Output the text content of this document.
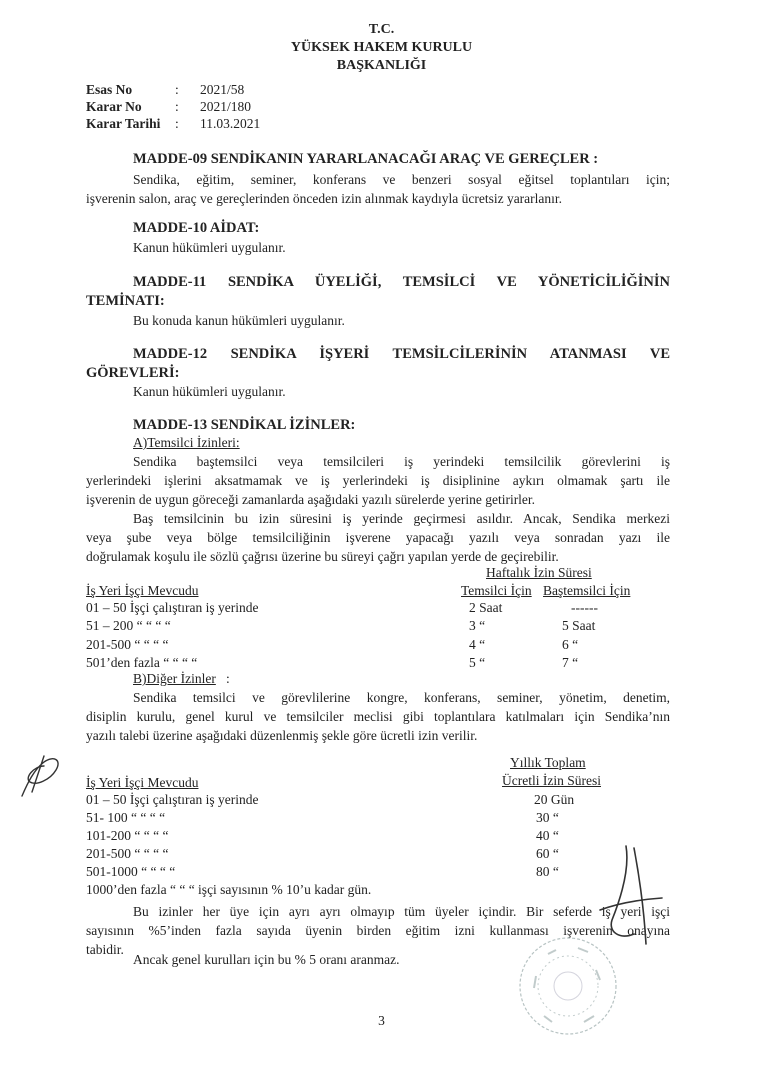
T.C.
YÜKSEK HAKEM KURULU
BAŞKANLIĞI
Esas No	: 2021/58
Karar No : 2021/180
Karar Tarihi : 11.03.2021
MADDE-09 SENDİKANIN YARARLANACAĞI ARAÇ VE GEREÇLER :
Sendika, eğitim, seminer, konferans ve benzeri sosyal eğitsel toplantıları için;
işverenin salon, araç ve gereçlerinden önceden izin alınmak kaydıyla ücretsiz yararlanır.
MADDE-10 AİDAT:
Kanun hükümleri uygulanır.
MADDE-11 SENDİKA ÜYELİĞİ, TEMSİLCİ VE YÖNETİCİLİĞİNİN
TEMİNATI:
Bu konuda kanun hükümleri uygulanır.
MADDE-12 SENDİKA İŞYERİ TEMSİLCİLERİNİN ATANMASI VE
GÖREVLERİ:
Kanun hükümleri uygulanır.
MADDE-13 SENDİKAL İZİNLER:
A)Temsilci İzinleri:
Sendika baştemsilci veya temsilcileri iş yerindeki temsilcilik görevlerini iş
yerlerindeki işlerini aksatmamak ve iş yerlerindeki iş disiplinine aykırı olmamak şartı ile
işverenin de uygun göreceği zamanlarda aşağıdaki yazılı sürelerde yerine getirirler.
Baş temsilcinin bu izin süresini iş yerinde geçirmesi asıldır. Ancak, Sendika merkezi
veya şube veya bölge temsilciliğinin işverene yapacağı yazılı veya sonradan yazı ile
doğrulamak koşulu ile sözlü çağrısı üzerine bu süreyi çağrı yapılan yerde de geçirebilir.
Haftalık İzin Süresi
İş Yeri İşçi Mevcudu	Temsilci İçin Baştemsilci İçin
01 – 50 İşçi çalıştıran iş yerinde	2 Saat	------
51 – 200 “ “ “ “	3 “	5 Saat
201-500 “ “ “ “	4 “	6 “
501’den fazla “ “ “ “	5 “	7 “
B)Diğer İzinler   :
Sendika temsilci ve görevlilerine kongre, konferans, seminer, yönetim, denetim,
disiplin kurulu, genel kurul ve temsilciler meclisi gibi toplantılara katılmaları için Sendika’nın
yazılı talebi üzerine aşağıdaki düzenlenmiş şekle göre ücretli izin verilir.
Yıllık Toplam
İş Yeri İşçi Mevcudu	Ücretli İzin Süresi
01 – 50 İşçi çalıştıran iş yerinde	20 Gün
51- 100 “ “ “ “	30 “
101-200 “ “ “ “	40 “
201-500 “ “ “ “	60 “
501-1000 “ “ “ “	80 “
1000’den fazla “ “ “ işçi sayısının % 10’u kadar gün.
Bu izinler her üye için ayrı ayrı olmayıp tüm üyeler içindir. Bir seferde iş yeri işçi
sayısının %5’inden fazla sayıda üyenin birden eğitim izni kullanması işverenin onayına
tabidir.
Ancak genel kurulları için bu % 5 oranı aranmaz.
3
